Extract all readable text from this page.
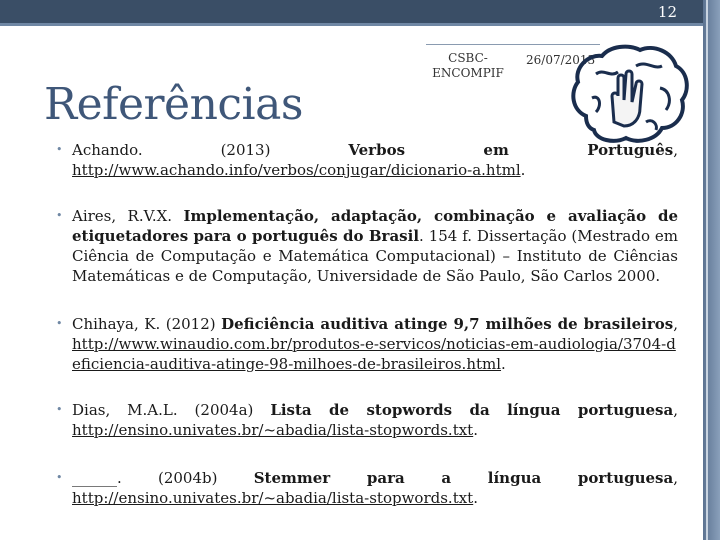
12
CSBC-ENCOMPIF
26/07/2013
Referências
• Achando. (2013) Verbos em Português,
http://www.achando.info/verbos/conjugar/dicionario-a.html.
• Aires, R.V.X. Implementação, adaptação, combinação e avaliação de etiquetadores para o português do Brasil. 154 f. Dissertação (Mestrado em Ciência de Computação e Matemática Computacional) – Instituto de Ciências Matemáticas e de Computação, Universidade de São Paulo, São Carlos 2000.
• Chihaya, K. (2012) Deficiência auditiva atinge 9,7 milhões de brasileiros, http://www.winaudio.com.br/produtos-e-servicos/noticias-em-audiologia/3704-deficiencia-auditiva-atinge-98-milhoes-de-brasileiros.html.
• Dias, M.A.L. (2004a) Lista de stopwords da língua portuguesa,
http://ensino.univates.br/~abadia/lista-stopwords.txt.
• ______. (2004b) Stemmer para a língua portuguesa,
http://ensino.univates.br/~abadia/lista-stopwords.txt.
